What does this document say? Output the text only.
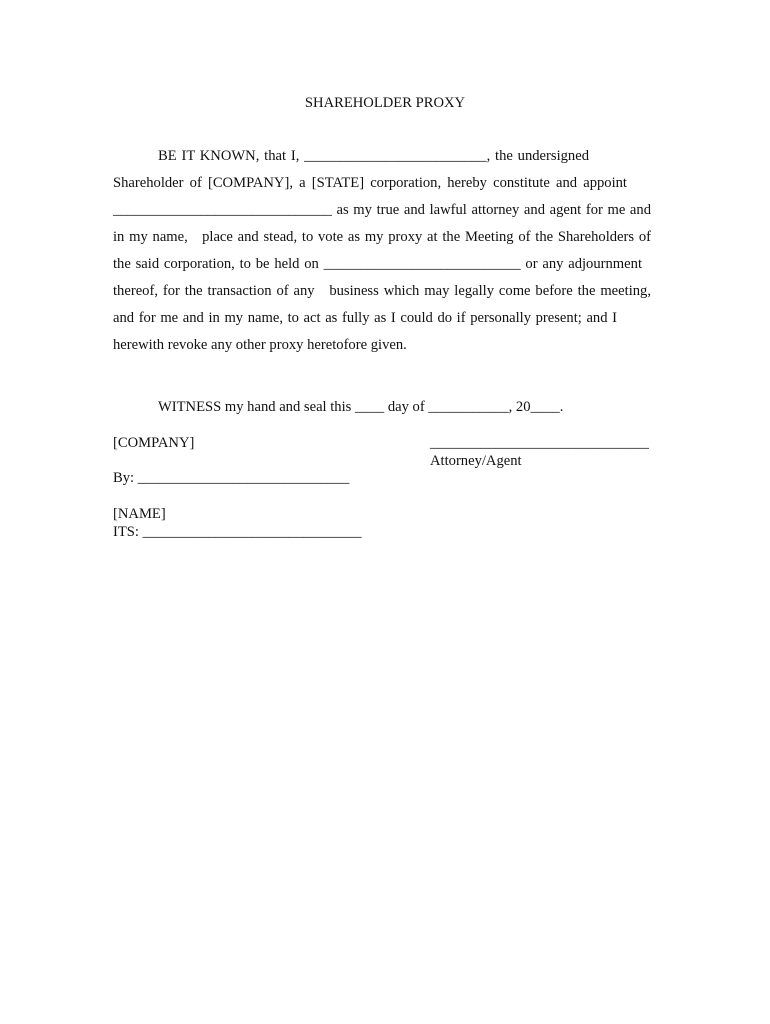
SHAREHOLDER PROXY
BE IT KNOWN, that I, _________________________, the undersigned
Shareholder of [COMPANY], a [STATE] corporation, hereby constitute and appoint
______________________________ as my true and lawful attorney and agent for me and
in my name,   place and stead, to vote as my proxy at the Meeting of the Shareholders of
the said corporation, to be held on ___________________________ or any adjournment
thereof, for the transaction of any   business which may legally come before the meeting,
and for me and in my name, to act as fully as I could do if personally present; and I
herewith revoke any other proxy heretofore given.
WITNESS my hand and seal this ____ day of ___________, 20____.
[COMPANY]	______________________________
Attorney/Agent
By: _____________________________
[NAME]
ITS: ______________________________
